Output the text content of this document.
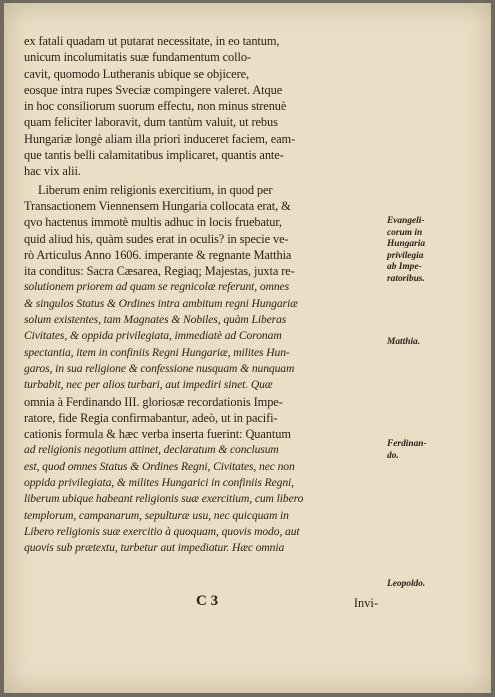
ex fatali quadam ut putarat necessitate, in eo tantum,
unicum incolumitatis suæ fundamentum collo-
cavit, quomodo Lutheranis ubique se objicere,
eosque intra rupes Sveciæ compingere valeret. Atque
in hoc consiliorum suorum effectu, non minus strenuè
quam feliciter laboravit, dum tantùm valuit, ut rebus
Hungariæ longè aliam illa priori induceret faciem, eam-
que tantis belli calamitatibus implicaret, quantis ante-
hac vix alii.
Liberum enim religionis exercitium, in quod per
Transactionem Viennensem Hungaria collocata erat, &
qvo hactenus immotè multis adhuc in locis fruebatur,
quid aliud his, quàm sudes erat in oculis? in specie ve-
rò Articulus Anno 1606. imperante & regnante Matthia
ita conditus: Sacra Cæsarea, Regiaq; Majestas, juxta re-
solutionem priorem ad quam se regnicolæ referunt, omnes
& singulos Status & Ordines intra ambitum regni Hungariæ
solum existentes, tam Magnates & Nobiles, quàm Liberas
Civitates, & oppida privilegiata, immediatè ad Coronam
spectantia, item in confiniis Regni Hungariæ, milites Hun-
garos, in sua religione & confessione nusquam & nunquam
turbabit, nec per alios turbari, aut impediri sinet. Quæ
omnia à Ferdinando III. gloriosæ recordationis Impe-
ratore, fide Regia confirmabantur, adeò, ut in pacifi-
cationis formula & hæc verba inserta fuerint: Quantum
ad religionis negotium attinet, declaratum & conclusum
est, quod omnes Status & Ordines Regni, Civitates, nec non
oppida privilegiata, & milites Hungarici in confiniis Regni,
liberum ubique habeant religionis suæ exercitium, cum libero
templorum, campanarum, sepulturæ usu, nec quicquam in
Libero religionis suæ exercitio à quoquam, quovis modo, aut
quovis sub prætextu, turbetur aut impediatur. Hæc omnia
Evangeli-
corum in
Hungaria
privilegia
ab Impe-
ratoribus.
Matthia.
Ferdinan-
do.
Leopoldo.
C 3	Invi-
